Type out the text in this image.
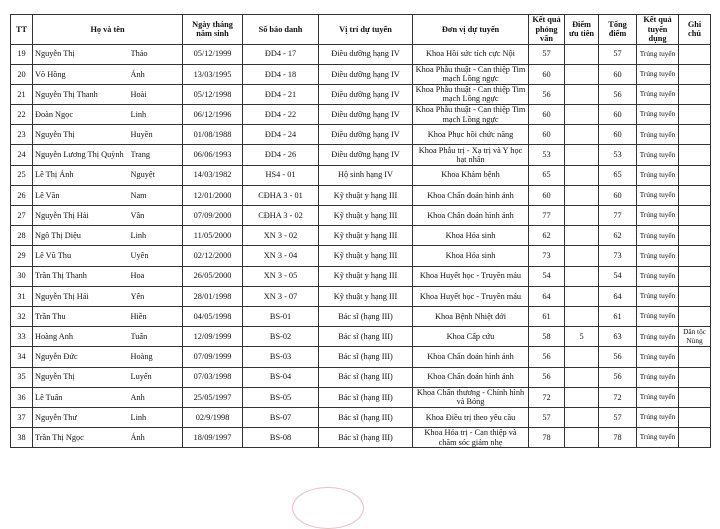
TT	Họ và tên		Ngày tháng năm sinh	Số báo danh	Vị trí dự tuyển	Đơn vị dự tuyển	Kết quả phỏng vấn	Điểm ưu tiên	Tổng điểm	Kết quả tuyển dụng	Ghi chú
19	Nguyễn Thị	Thảo	05/12/1999	ĐD4 - 17	Điều dưỡng hạng IV	Khoa Hồi sức tích cực Nội	57		57	Trúng tuyển	
20	Võ Hồng	Ánh	13/03/1995	ĐD4 - 18	Điều dưỡng hạng IV	Khoa Phẫu thuật - Can thiệp Tim mạch Lồng ngực	60		60	Trúng tuyển	
21	Nguyễn Thị Thanh	Hoài	05/12/1998	ĐD4 - 21	Điều dưỡng hạng IV	Khoa Phẫu thuật - Can thiệp Tim mạch Lồng ngực	56		56	Trúng tuyển	
22	Đoàn Ngọc	Linh	06/12/1996	ĐD4 - 22	Điều dưỡng hạng IV	Khoa Phẫu thuật - Can thiệp Tim mạch Lồng ngực	60		60	Trúng tuyển	
23	Nguyễn Thị	Huyền	01/08/1988	ĐD4 - 24	Điều dưỡng hạng IV	Khoa Phục hồi chức năng	60		60	Trúng tuyển	
24	Nguyễn Lương Thị Quỳnh	Trang	06/06/1993	ĐD4 - 26	Điều dưỡng hạng IV	Khoa Phẫu trị - Xạ trị và Y học hạt nhân	53		53	Trúng tuyển	
25	Lê Thị Ánh	Nguyệt	14/03/1982	HS4 - 01	Hộ sinh hạng IV	Khoa Khám bệnh	65		65	Trúng tuyển	
26	Lê Văn	Nam	12/01/2000	CĐHA 3 - 01	Kỹ thuật y hạng III	Khoa Chẩn đoán hình ảnh	60		60	Trúng tuyển	
27	Nguyễn Thị Hải	Vân	07/09/2000	CĐHA 3 - 02	Kỹ thuật y hạng III	Khoa Chẩn đoán hình ảnh	77		77	Trúng tuyển	
28	Ngô Thị Diệu	Linh	11/05/2000	XN 3 - 02	Kỹ thuật y hạng III	Khoa Hóa sinh	62		62	Trúng tuyển	
29	Lê Vũ Thu	Uyên	02/12/2000	XN 3 - 04	Kỹ thuật y hạng III	Khoa Hóa sinh	73		73	Trúng tuyển	
30	Trần Thị Thanh	Hoa	26/05/2000	XN 3 - 05	Kỹ thuật y hạng III	Khoa Huyết học - Truyền máu	54		54	Trúng tuyển	
31	Nguyễn Thị Hải	Yến	28/01/1998	XN 3 - 07	Kỹ thuật y hạng III	Khoa Huyết học - Truyền máu	64		64	Trúng tuyển	
32	Trần Thu	Hiền	04/05/1998	BS-01	Bác sĩ (hạng III)	Khoa Bệnh Nhiệt đới	61		61	Trúng tuyển	
33	Hoàng Anh	Tuấn	12/09/1999	BS-02	Bác sĩ (hạng III)	Khoa Cấp cứu	58	5	63	Trúng tuyển	Dân tộc Nùng
34	Nguyễn Đức	Hoàng	07/09/1999	BS-03	Bác sĩ (hạng III)	Khoa Chẩn đoán hình ảnh	56		56	Trúng tuyển	
35	Nguyễn Thị	Luyến	07/03/1998	BS-04	Bác sĩ (hạng III)	Khoa Chẩn đoán hình ảnh	56		56	Trúng tuyển	
36	Lê Tuấn	Anh	25/05/1997	BS-05	Bác sĩ (hạng III)	Khoa Chấn thương - Chỉnh hình và Bỏng	72		72	Trúng tuyển	
37	Nguyễn Thư	Linh	02/9/1998	BS-07	Bác sĩ (hạng III)	Khoa Điều trị theo yêu cầu	57		57	Trúng tuyển	
38	Trần Thị Ngọc	Ánh	18/09/1997	BS-08	Bác sĩ (hạng III)	Khoa Hóa trị - Can thiệp và chăm sóc giảm nhẹ	78		78	Trúng tuyển	
